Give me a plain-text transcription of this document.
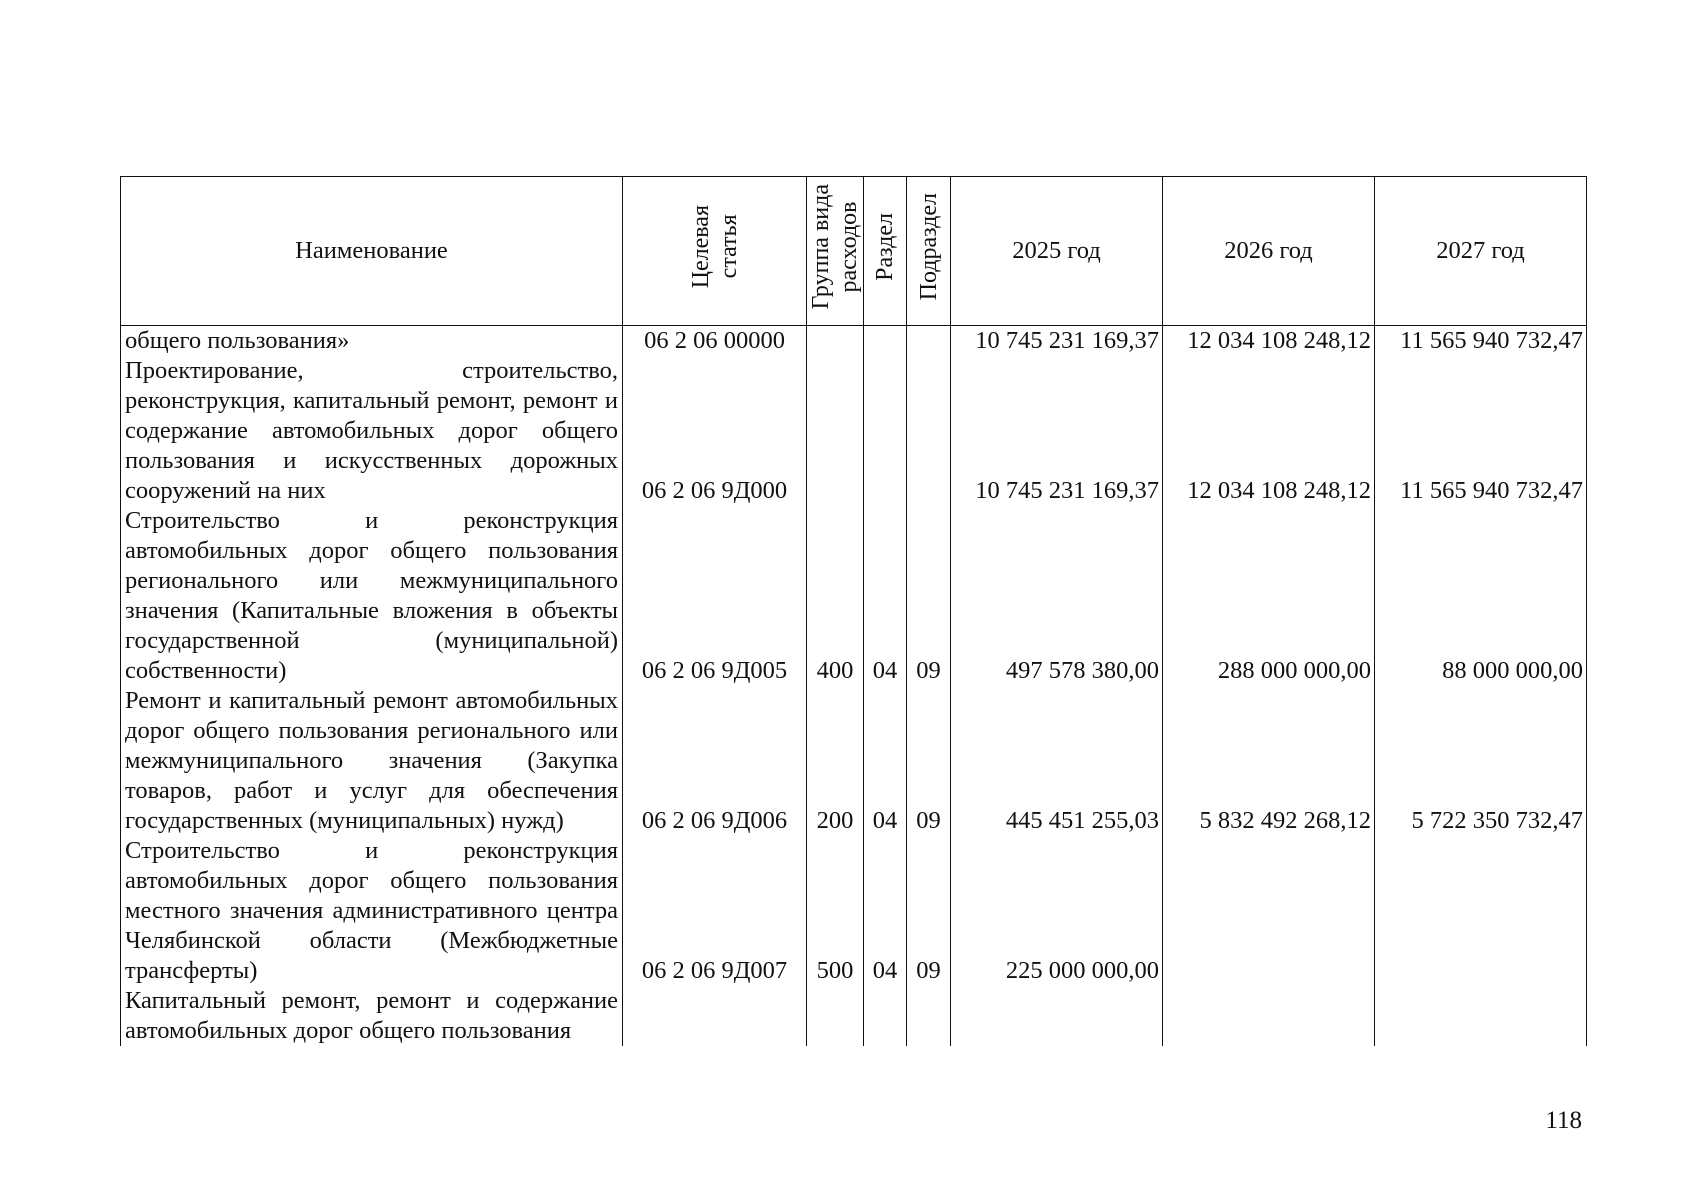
Наименование	Целевая статья	Группа вида расходов	Раздел	Подраздел	2025 год	2026 год	2027 год
общего пользования»	06 2 06 00000				10 745 231 169,37	12 034 108 248,12	11 565 940 732,47
Проектирование, строительство, реконструкция, капитальный ремонт, ремонт и содержание автомобильных дорог общего пользования и искусственных дорожных сооружений на них	06 2 06 9Д000				10 745 231 169,37	12 034 108 248,12	11 565 940 732,47
Строительство и реконструкция автомобильных дорог общего пользования регионального или межмуниципального значения (Капитальные вложения в объекты государственной (муниципальной) собственности)	06 2 06 9Д005	400	04	09	497 578 380,00	288 000 000,00	88 000 000,00
Ремонт и капитальный ремонт автомобильных дорог общего пользования регионального или межмуниципального значения (Закупка товаров, работ и услуг для обеспечения государственных (муниципальных) нужд)	06 2 06 9Д006	200	04	09	445 451 255,03	5 832 492 268,12	5 722 350 732,47
Строительство и реконструкция автомобильных дорог общего пользования местного значения административного центра Челябинской области (Межбюджетные трансферты)	06 2 06 9Д007	500	04	09	225 000 000,00		
Капитальный ремонт, ремонт и содержание автомобильных дорог общего пользования							
118
